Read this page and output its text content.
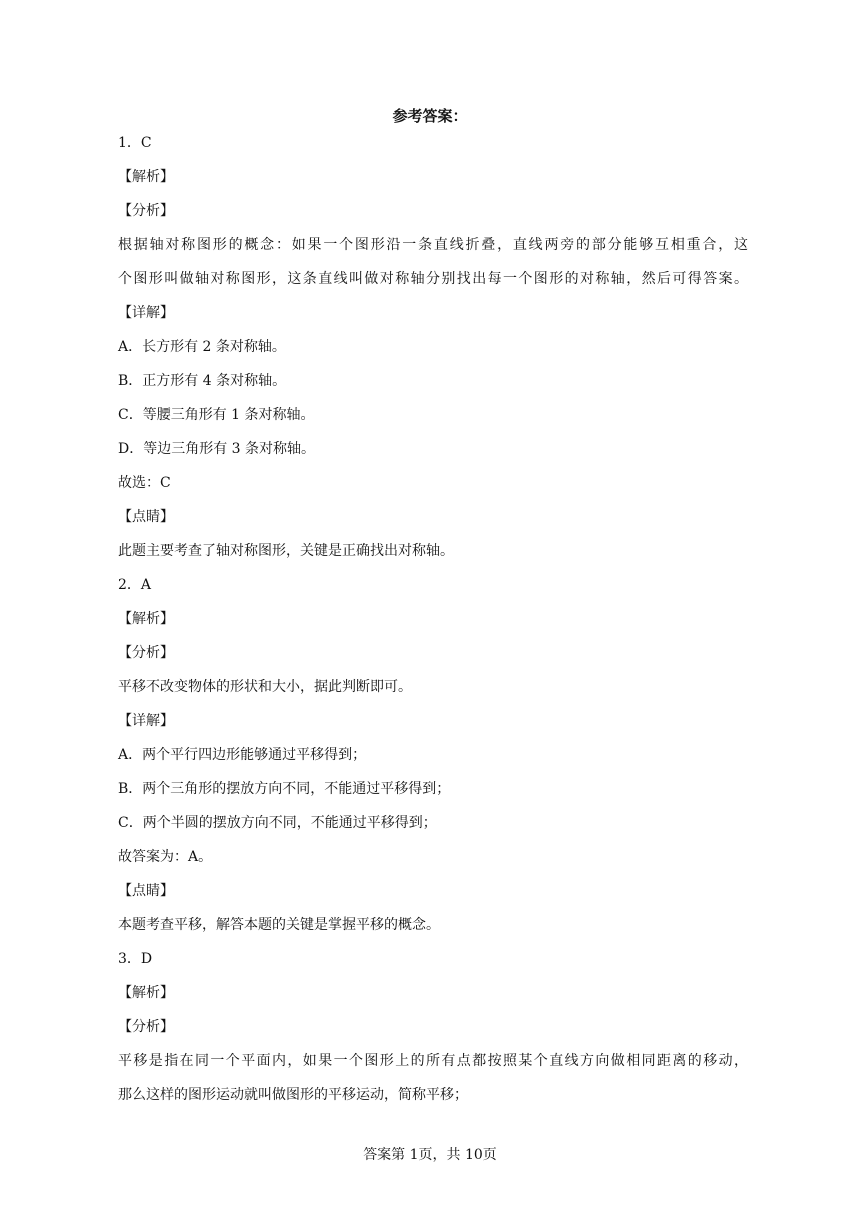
参考答案：
1．C
【解析】
【分析】
根据轴对称图形的概念：如果一个图形沿一条直线折叠，直线两旁的部分能够互相重合，这
个图形叫做轴对称图形，这条直线叫做对称轴分别找出每一个图形的对称轴，然后可得答案。
【详解】
A．长方形有 2 条对称轴。
B．正方形有 4 条对称轴。
C．等腰三角形有 1 条对称轴。
D．等边三角形有 3 条对称轴。
故选：C
【点睛】
此题主要考查了轴对称图形，关键是正确找出对称轴。
2．A
【解析】
【分析】
平移不改变物体的形状和大小，据此判断即可。
【详解】
A．两个平行四边形能够通过平移得到；
B．两个三角形的摆放方向不同，不能通过平移得到；
C．两个半圆的摆放方向不同，不能通过平移得到；
故答案为：A。
【点睛】
本题考查平移，解答本题的关键是掌握平移的概念。
3．D
【解析】
【分析】
平移是指在同一个平面内，如果一个图形上的所有点都按照某个直线方向做相同距离的移动，
那么这样的图形运动就叫做图形的平移运动，简称平移；
答案第 1页，共 10页
